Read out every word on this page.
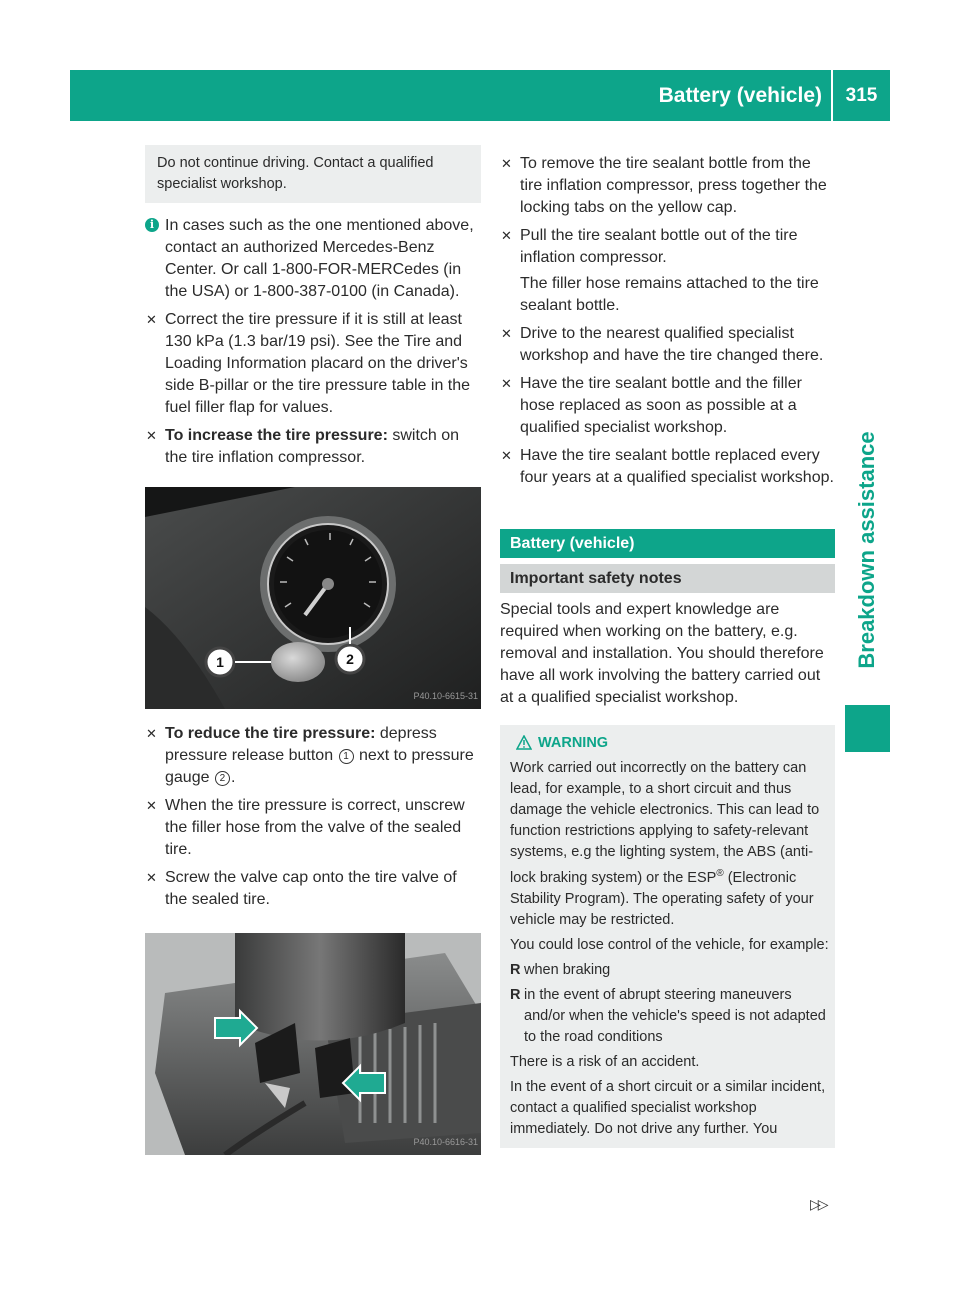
Battery (vehicle)	315
Breakdown assistance
Do not continue driving. Contact a qualified specialist workshop.
i In cases such as the one mentioned above, contact an authorized Mercedes-Benz Center. Or call 1-800-FOR-MERCedes (in the USA) or 1-800-387-0100 (in Canada).
✕ Correct the tire pressure if it is still at least 130 kPa (1.3 bar/19 psi). See the Tire and Loading Information placard on the driver's side B-pillar or the tire pressure table in the fuel filler flap for values.
✕ To increase the tire pressure: switch on the tire inflation compressor.
1	2
P40.10-6615-31
✕ To reduce the tire pressure: depress pressure release button 1 next to pressure gauge 2 .
✕ When the tire pressure is correct, unscrew the filler hose from the valve of the sealed tire.
✕ Screw the valve cap onto the tire valve of the sealed tire.
P40.10-6616-31
✕ To remove the tire sealant bottle from the tire inflation compressor, press together the locking tabs on the yellow cap.
✕ Pull the tire sealant bottle out of the tire inflation compressor.
The filler hose remains attached to the tire sealant bottle.
✕ Drive to the nearest qualified specialist workshop and have the tire changed there.
✕ Have the tire sealant bottle and the filler hose replaced as soon as possible at a qualified specialist workshop.
✕ Have the tire sealant bottle replaced every four years at a qualified specialist workshop.
Battery (vehicle)
Important safety notes
Special tools and expert knowledge are required when working on the battery, e.g. removal and installation. You should therefore have all work involving the battery carried out at a qualified specialist workshop.
WARNING
Work carried out incorrectly on the battery can lead, for example, to a short circuit and thus damage the vehicle electronics. This can lead to function restrictions applying to safety-relevant systems, e.g the lighting system, the ABS (anti-lock braking system) or the ESP® (Electronic Stability Program). The operating safety of your vehicle may be restricted.
You could lose control of the vehicle, for example:
R when braking
R in the event of abrupt steering maneuvers and/or when the vehicle's speed is not adapted to the road conditions
There is a risk of an accident.
In the event of a short circuit or a similar incident, contact a qualified specialist workshop immediately. Do not drive any further. You
▷▷
